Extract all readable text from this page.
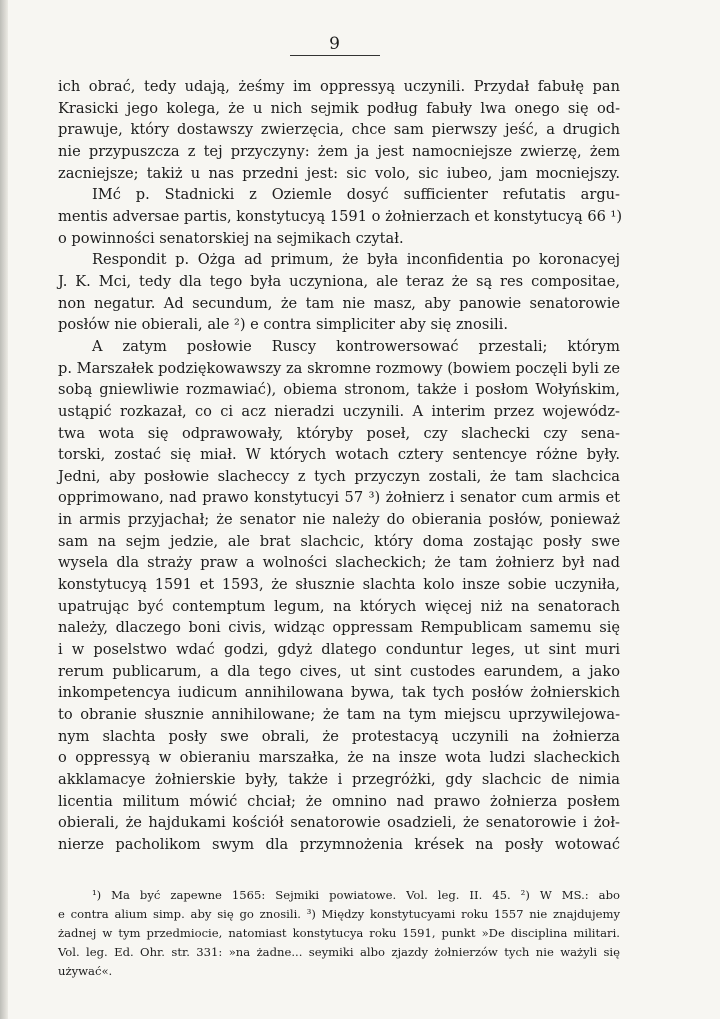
9
ich obrać, tedy udają, żeśmy im oppressyą uczynili. Przydał fabułę pan
Krasicki jego kolega, że u nich sejmik podług fabuły lwa onego się od-
prawuje, który dostawszy zwierzęcia, chce sam pierwszy jeść, a drugich
nie przypuszcza z tej przyczyny: żem ja jest namocniejsze zwierzę, żem
zacniejsze; takiż u nas przedni jest: sic volo, sic iubeo, jam mocniejszy.
IMć p. Stadnicki z Oziemle dosyć sufficienter refutatis argu-
mentis adversae partis, konstytucyą 1591 o żołnierzach et konstytucyą 66 ¹)
o powinności senatorskiej na sejmikach czytał.
Respondit p. Ożga ad primum, że była inconfidentia po koronacyej
J. K. Mci, tedy dla tego była uczyniona, ale teraz że są res compositae,
non negatur. Ad secundum, że tam nie masz, aby panowie senatorowie
posłów nie obierali, ale ²) e contra simpliciter aby się znosili.
A zatym posłowie Ruscy kontrowersować przestali; którym
p. Marszałek podziękowawszy za skromne rozmowy (bowiem poczęli byli ze
sobą gniewliwie rozmawiać), obiema stronom, także i posłom Wołyńskim,
ustąpić rozkazał, co ci acz nieradzi uczynili. A interim przez wojewódz-
twa wota się odprawowały, któryby poseł, czy slachecki czy sena-
torski, zostać się miał. W których wotach cztery sentencye różne były.
Jedni, aby posłowie slacheccy z tych przyczyn zostali, że tam slachcica
opprimowano, nad prawo konstytucyi 57 ³) żołnierz i senator cum armis et
in armis przyjachał; że senator nie należy do obierania posłów, ponieważ
sam na sejm jedzie, ale brat slachcic, który doma zostając posły swe
wysela dla straży praw a wolności slacheckich; że tam żołnierz był nad
konstytucyą 1591 et 1593, że słusznie slachta kolo insze sobie uczyniła,
upatrując być contemptum legum, na których więcej niż na senatorach
należy, dlaczego boni civis, widząc oppressam Rempublicam samemu się
i w poselstwo wdać godzi, gdyż dlatego conduntur leges, ut sint muri
rerum publicarum, a dla tego cives, ut sint custodes earundem, a jako
inkompetencya iudicum annihilowana bywa, tak tych posłów żołnierskich
to obranie słusznie annihilowane; że tam na tym miejscu uprzywilejowa-
nym slachta posły swe obrali, że protestacyą uczynili na żołnierza
o oppressyą w obieraniu marszałka, że na insze wota ludzi slacheckich
akklamacye żołnierskie były, także i przegróżki, gdy slachcic de nimia
licentia militum mówić chciał; że omnino nad prawo żołnierza posłem
obierali, że hajdukami kościół senatorowie osadzieli, że senatorowie i żoł-
nierze pacholikom swym dla przymnożenia krések na posły wotować
¹) Ma być zapewne 1565: Sejmiki powiatowe. Vol. leg. II. 45. ²) W MS.: abo
e contra alium simp. aby się go znosili. ³) Między konstytucyami roku 1557 nie znajdujemy
żadnej w tym przedmiocie, natomiast konstytucya roku 1591, punkt »De disciplina militari.
Vol. leg. Ed. Ohr. str. 331: »na żadne... seymiki albo zjazdy żołnierzów tych nie ważyli się
używać«.
